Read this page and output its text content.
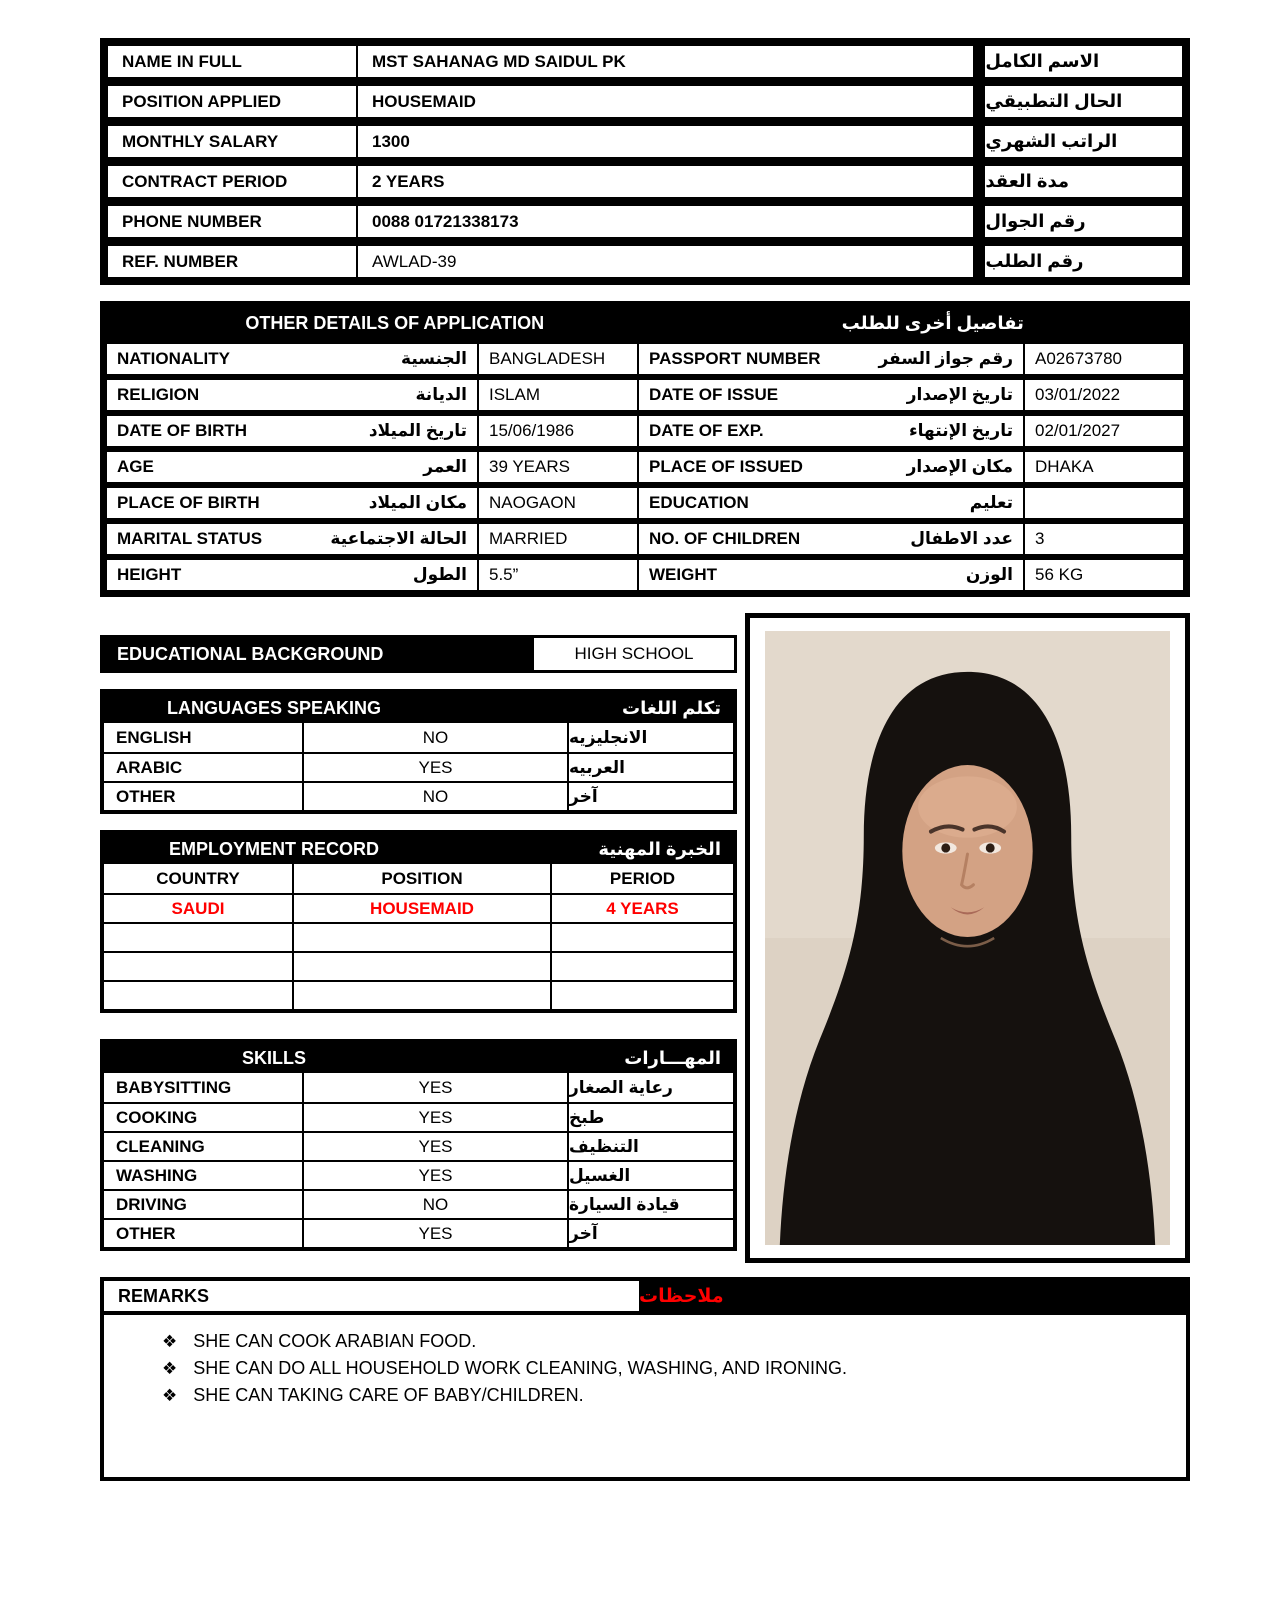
NAME IN FULL	MST SAHANAG MD SAIDUL PK	الاسم الكامل
POSITION APPLIED	HOUSEMAID	الحال التطبيقي
MONTHLY SALARY	1300	الراتب الشهري
CONTRACT PERIOD	2 YEARS	مدة العقد
PHONE NUMBER	0088 01721338173	رقم الجوال
REF. NUMBER	AWLAD-39	رقم الطلب
OTHER DETAILS OF APPLICATION	تفاصيل أخرى للطلب
NATIONALITY	الجنسية	BANGLADESH	PASSPORT NUMBER	رقم جواز السفر	A02673780
RELIGION	الديانة	ISLAM	DATE OF ISSUE	تاريخ الإصدار	03/01/2022
DATE OF BIRTH	تاريخ الميلاد	15/06/1986	DATE OF EXP.	تاريخ الإنتهاء	02/01/2027
AGE	العمر	39 YEARS	PLACE OF ISSUED	مكان الإصدار	DHAKA
PLACE OF BIRTH	مكان الميلاد	NAOGAON	EDUCATION	تعليم
MARITAL STATUS	الحالة الاجتماعية	MARRIED	NO. OF CHILDREN	عدد الاطفال	3
HEIGHT	الطول	5.5”	WEIGHT	الوزن	56 KG
EDUCATIONAL BACKGROUND	HIGH SCHOOL
LANGUAGES SPEAKING	تكلم اللغات
ENGLISH	NO	الانجليزيه
ARABIC	YES	العربيه
OTHER	NO	آخر
EMPLOYMENT RECORD	الخبرة المهنية
COUNTRY	POSITION	PERIOD
SAUDI	HOUSEMAID	4 YEARS
SKILLS	المهـــارات
BABYSITTING	YES	رعاية الصغار
COOKING	YES	طبخ
CLEANING	YES	التنظيف
WASHING	YES	الغسيل
DRIVING	NO	قيادة السيارة
OTHER	YES	آخر
REMARKS	ملاحظات
❖ SHE CAN COOK ARABIAN FOOD.
❖ SHE CAN DO ALL HOUSEHOLD WORK CLEANING, WASHING, AND IRONING.
❖ SHE CAN TAKING CARE OF BABY/CHILDREN.
